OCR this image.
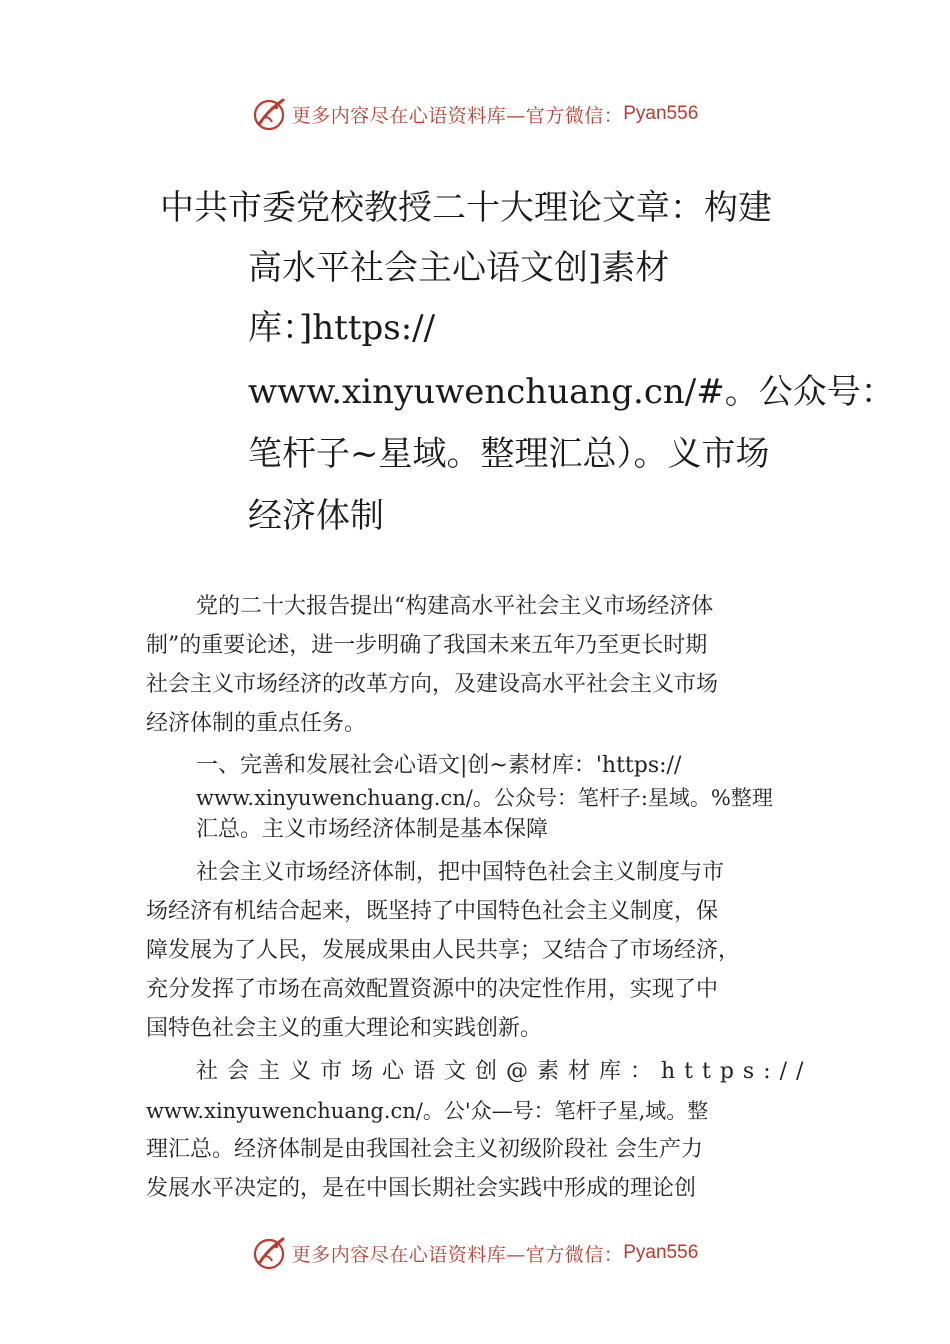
更多内容尽在心语资料库—官方微信： Pyan556
中共市委党校教授二十大理论文章：构建
高水平社会主心语文创]素材
库：]https://
www.xinyuwenchuang.cn/#。公众号：
笔杆子~星域。整理汇总）。义市场
经济体制
党的二十大报告提出“构建高水平社会主义市场经济体
制”的重要论述，进一步明确了我国未来五年乃至更长时期
社会主义市场经济的改革方向，及建设高水平社会主义市场
经济体制的重点任务。
一、完善和发展社会心语文|创~素材库：'https://
www.xinyuwenchuang.cn/。公众号：笔杆子:星域。%整理
汇总。主义市场经济体制是基本保障
社会主义市场经济体制，把中国特色社会主义制度与市
场经济有机结合起来，既坚持了中国特色社会主义制度，保
障发展为了人民，发展成果由人民共享；又结合了市场经济，
充分发挥了市场在高效配置资源中的决定性作用，实现了中
国特色社会主义的重大理论和实践创新。
社会主义市场心语文创@素材库：https://
www.xinyuwenchuang.cn/。公'众—号：笔杆子星,域。整
理汇总。经济体制是由我国社会主义初级阶段社 会生产力
发展水平决定的，是在中国长期社会实践中形成的理论创
更多内容尽在心语资料库—官方微信： Pyan556
